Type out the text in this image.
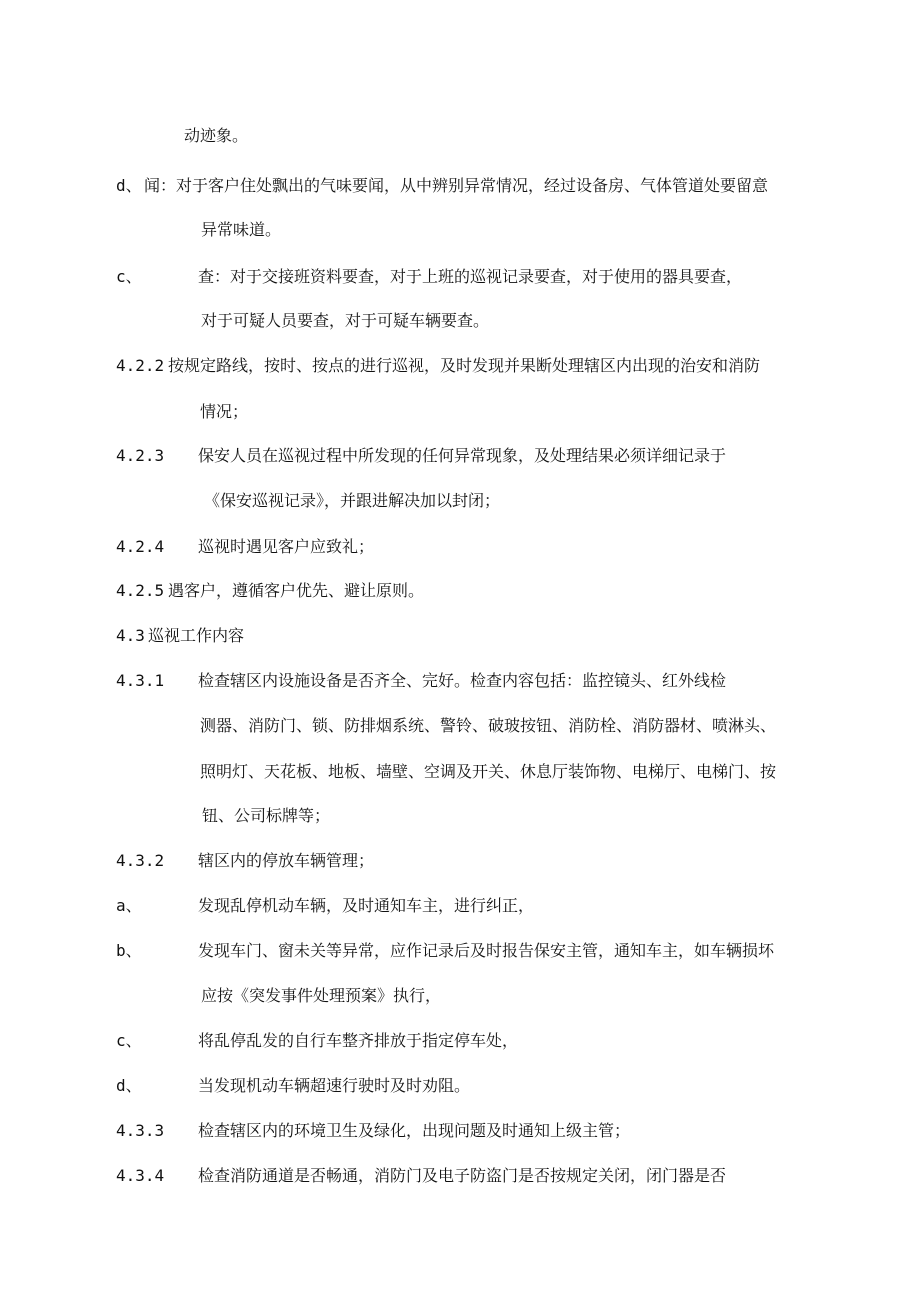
动迹象。
d、 闻：对于客户住处飘出的气味要闻，从中辨别异常情况，经过设备房、气体管道处要留意
异常味道。
c、	查：对于交接班资料要查，对于上班的巡视记录要查，对于使用的器具要查，
对于可疑人员要查，对于可疑车辆要查。
4.2.2 按规定路线，按时、按点的进行巡视，及时发现并果断处理辖区内出现的治安和消防
情况；
4.2.3 保安人员在巡视过程中所发现的任何异常现象，及处理结果必须详细记录于
《保安巡视记录》，并跟进解决加以封闭；
4.2.4 巡视时遇见客户应致礼；
4.2.5 遇客户，遵循客户优先、避让原则。
4.3 巡视工作内容
4.3.1 检查辖区内设施设备是否齐全、完好。检查内容包括：监控镜头、红外线检
测器、消防门、锁、防排烟系统、警铃、破玻按钮、消防栓、消防器材、喷淋头、
照明灯、天花板、地板、墙壁、空调及开关、休息厅装饰物、电梯厅、电梯门、按
钮、公司标牌等；
4.3.2 辖区内的停放车辆管理；
a、	发现乱停机动车辆，及时通知车主，进行纠正，
b、	发现车门、窗未关等异常，应作记录后及时报告保安主管，通知车主，如车辆损坏
应按《突发事件处理预案》执行，
c、	将乱停乱发的自行车整齐排放于指定停车处，
d、	当发现机动车辆超速行驶时及时劝阻。
4.3.3 检查辖区内的环境卫生及绿化，出现问题及时通知上级主管；
4.3.4 检查消防通道是否畅通，消防门及电子防盗门是否按规定关闭，闭门器是否
